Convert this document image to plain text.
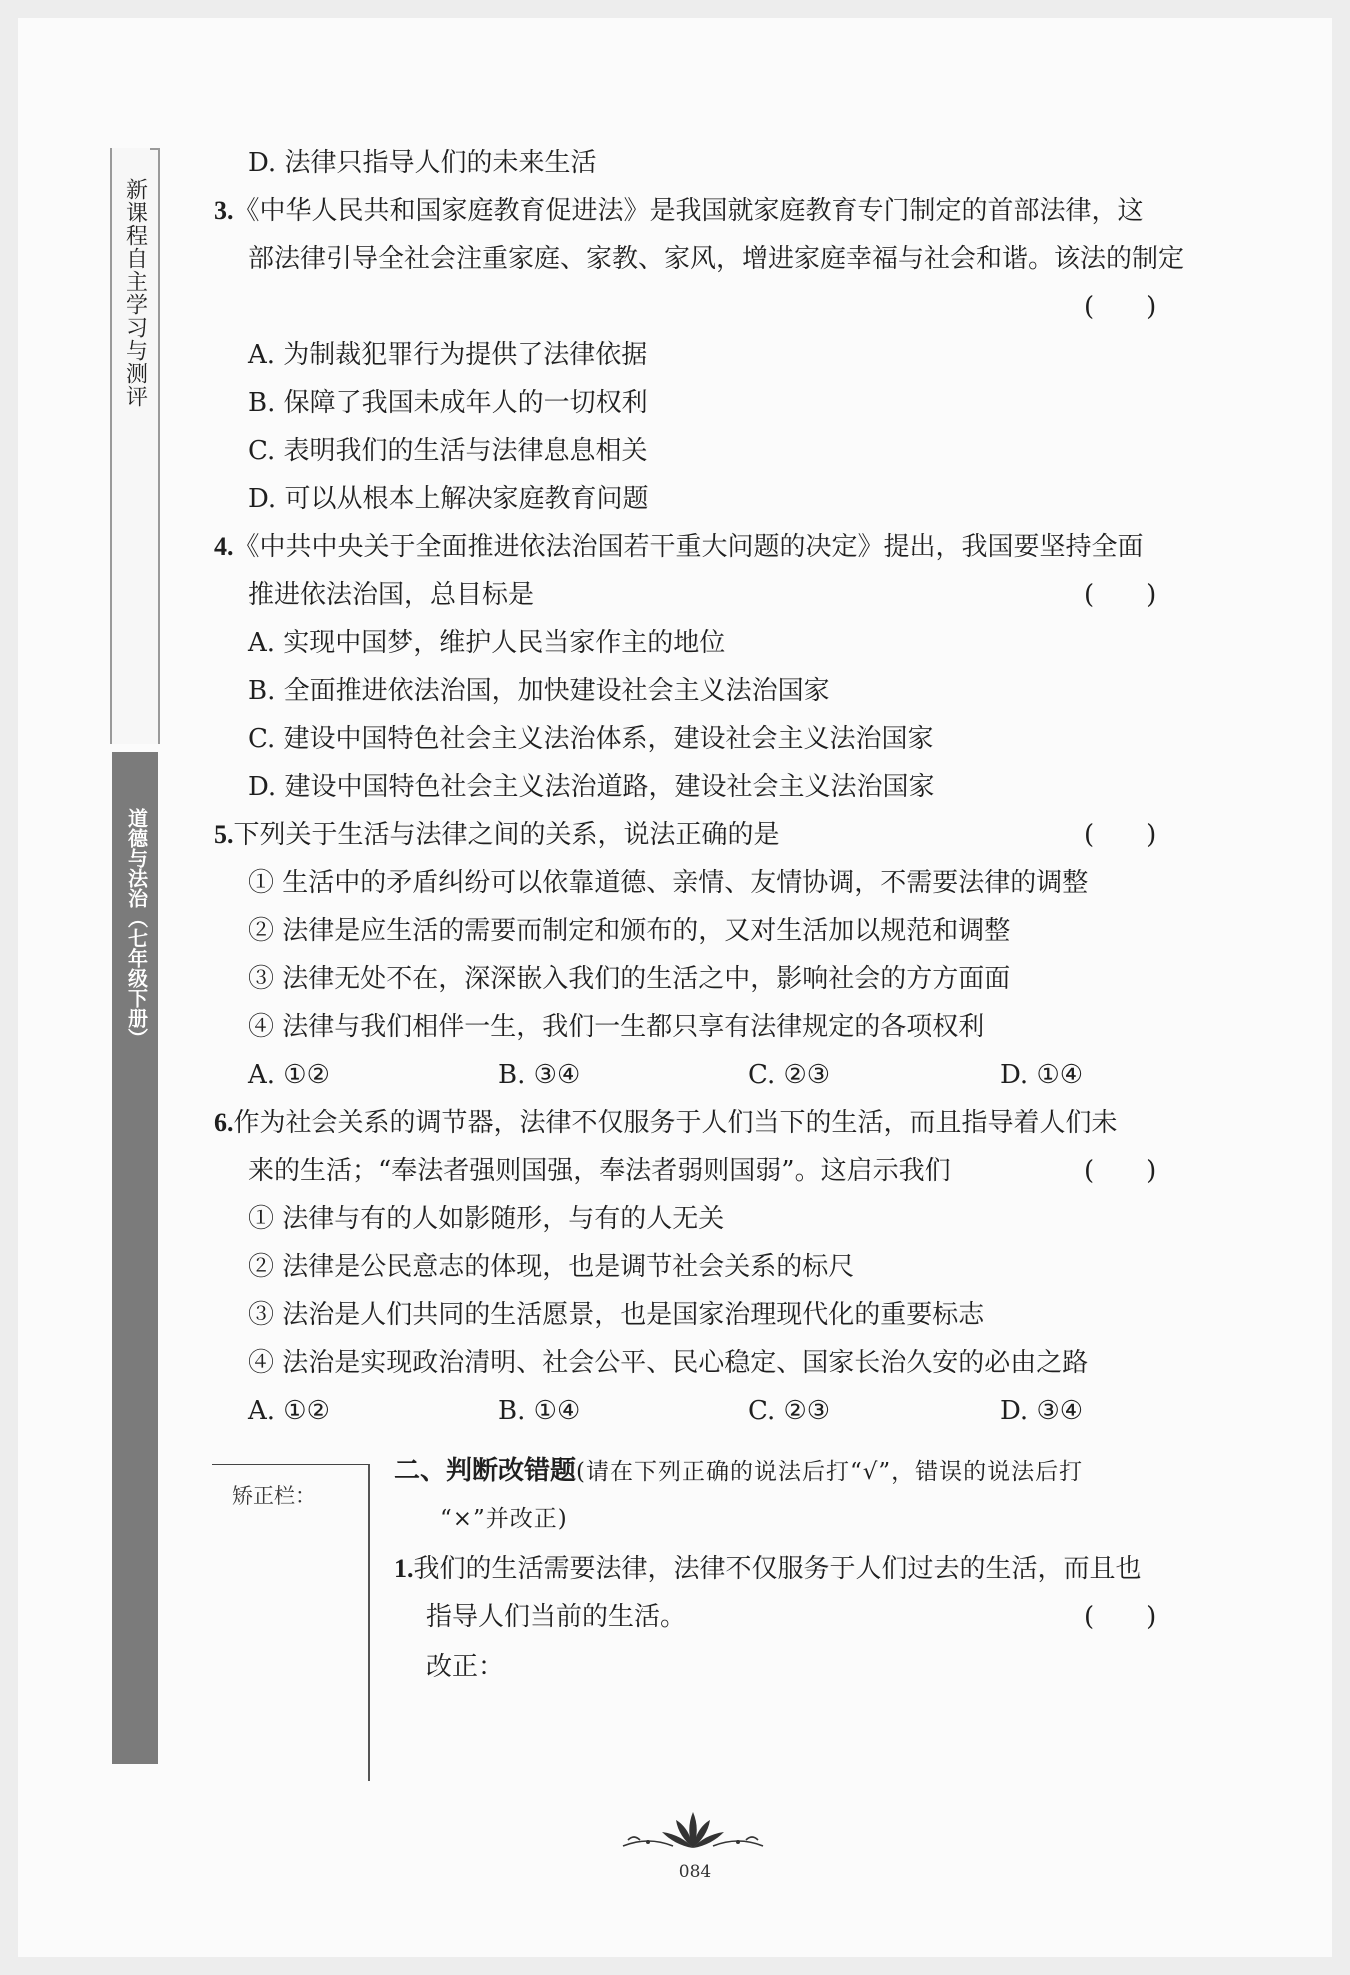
新课程自主学习与测评
道德与法治（七年级下册）
D. 法律只指导人们的未来生活
3.《中华人民共和国家庭教育促进法》是我国就家庭教育专门制定的首部法律，这
部法律引导全社会注重家庭、家教、家风，增进家庭幸福与社会和谐。该法的制定
(　　)
A. 为制裁犯罪行为提供了法律依据
B. 保障了我国未成年人的一切权利
C. 表明我们的生活与法律息息相关
D. 可以从根本上解决家庭教育问题
4.《中共中央关于全面推进依法治国若干重大问题的决定》提出，我国要坚持全面
推进依法治国，总目标是	(　　)
A. 实现中国梦，维护人民当家作主的地位
B. 全面推进依法治国，加快建设社会主义法治国家
C. 建设中国特色社会主义法治体系，建设社会主义法治国家
D. 建设中国特色社会主义法治道路，建设社会主义法治国家
5.下列关于生活与法律之间的关系，说法正确的是	(　　)
① 生活中的矛盾纠纷可以依靠道德、亲情、友情协调，不需要法律的调整
② 法律是应生活的需要而制定和颁布的，又对生活加以规范和调整
③ 法律无处不在，深深嵌入我们的生活之中，影响社会的方方面面
④ 法律与我们相伴一生，我们一生都只享有法律规定的各项权利
A. ①②	B. ③④	C. ②③	D. ①④
6.作为社会关系的调节器，法律不仅服务于人们当下的生活，而且指导着人们未
来的生活；“奉法者强则国强，奉法者弱则国弱”。这启示我们	(　　)
① 法律与有的人如影随形，与有的人无关
② 法律是公民意志的体现，也是调节社会关系的标尺
③ 法治是人们共同的生活愿景，也是国家治理现代化的重要标志
④ 法治是实现政治清明、社会公平、民心稳定、国家长治久安的必由之路
A. ①②	B. ①④	C. ②③	D. ③④
矫正栏：
二、判断改错题(请在下列正确的说法后打“√”，错误的说法后打
“×”并改正)
1.我们的生活需要法律，法律不仅服务于人们过去的生活，而且也
指导人们当前的生活。	(　　)
改正：
084
